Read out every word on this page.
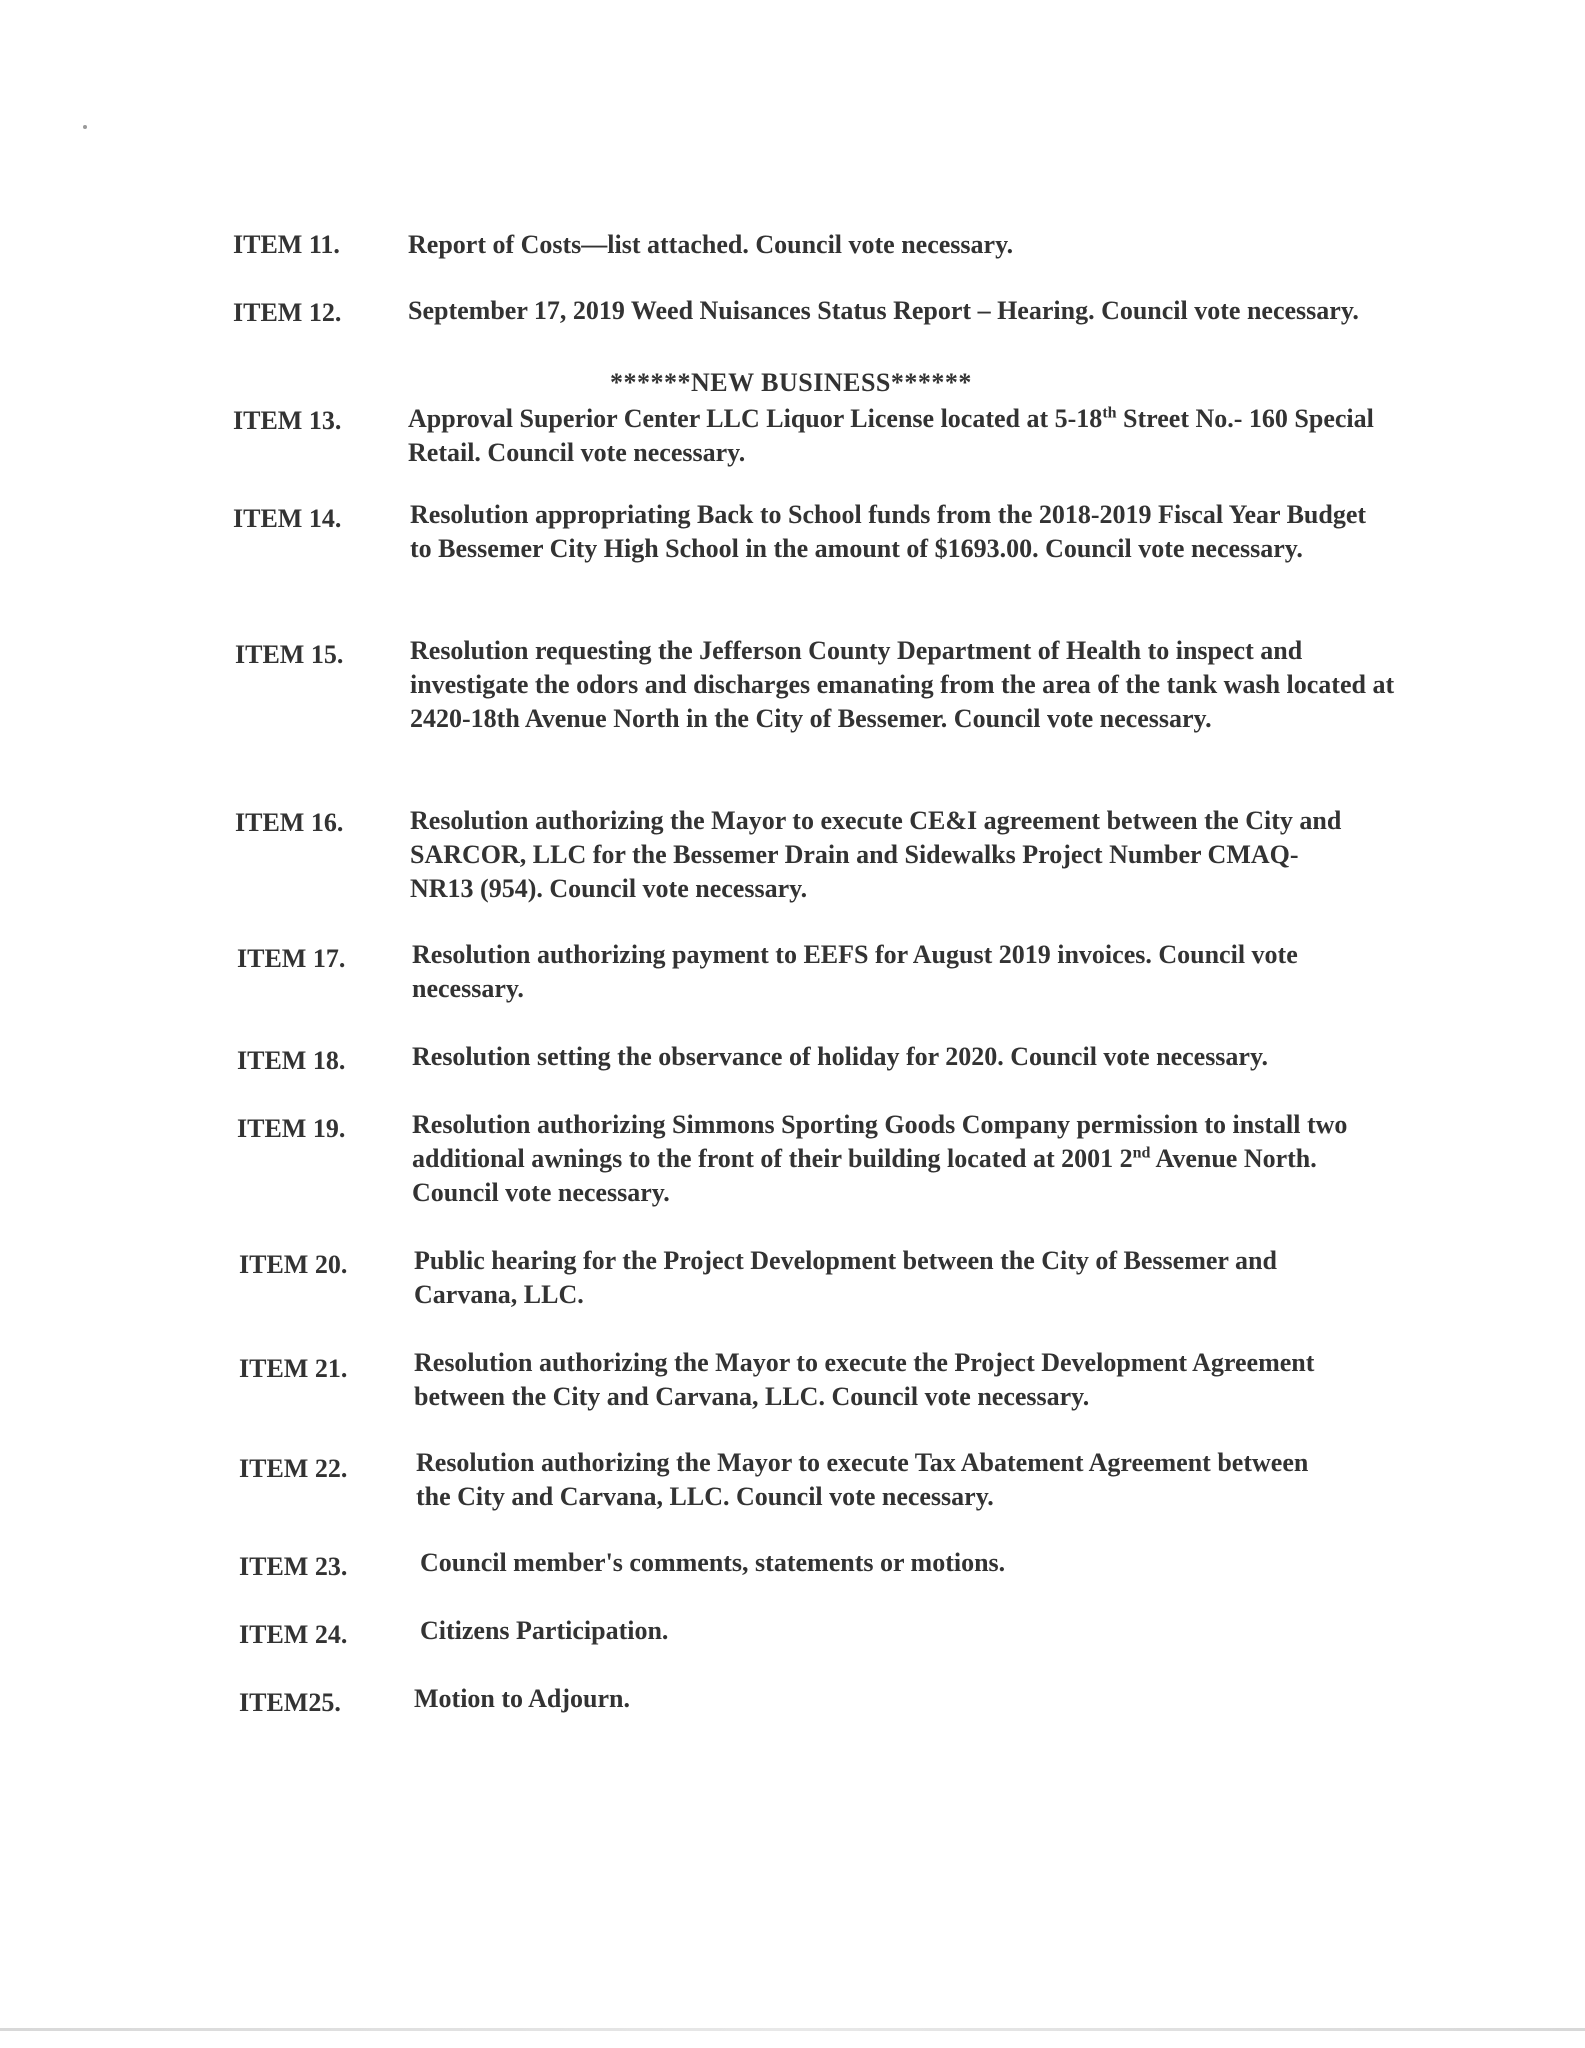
ITEM 11.	Report of Costs—list attached. Council vote necessary.
ITEM 12.	September 17, 2019 Weed Nuisances Status Report – Hearing. Council vote necessary.
******NEW BUSINESS******
ITEM 13.	Approval Superior Center LLC Liquor License located at 5-18th Street No.- 160 Special Retail. Council vote necessary.
ITEM 14.	Resolution appropriating Back to School funds from the 2018-2019 Fiscal Year Budget to Bessemer City High School in the amount of $1693.00. Council vote necessary.
ITEM 15.	Resolution requesting the Jefferson County Department of Health to inspect and investigate the odors and discharges emanating from the area of the tank wash located at 2420-18th Avenue North in the City of Bessemer. Council vote necessary.
ITEM 16.	Resolution authorizing the Mayor to execute CE&I agreement between the City and SARCOR, LLC for the Bessemer Drain and Sidewalks Project Number CMAQ-NR13 (954). Council vote necessary.
ITEM 17.	Resolution authorizing payment to EEFS for August 2019 invoices. Council vote necessary.
ITEM 18.	Resolution setting the observance of holiday for 2020. Council vote necessary.
ITEM 19.	Resolution authorizing Simmons Sporting Goods Company permission to install two additional awnings to the front of their building located at 2001 2nd Avenue North. Council vote necessary.
ITEM 20.	Public hearing for the Project Development between the City of Bessemer and Carvana, LLC.
ITEM 21.	Resolution authorizing the Mayor to execute the Project Development Agreement between the City and Carvana, LLC. Council vote necessary.
ITEM 22.	Resolution authorizing the Mayor to execute Tax Abatement Agreement between the City and Carvana, LLC. Council vote necessary.
ITEM 23.	Council member's comments, statements or motions.
ITEM 24.	Citizens Participation.
ITEM25.	Motion to Adjourn.
